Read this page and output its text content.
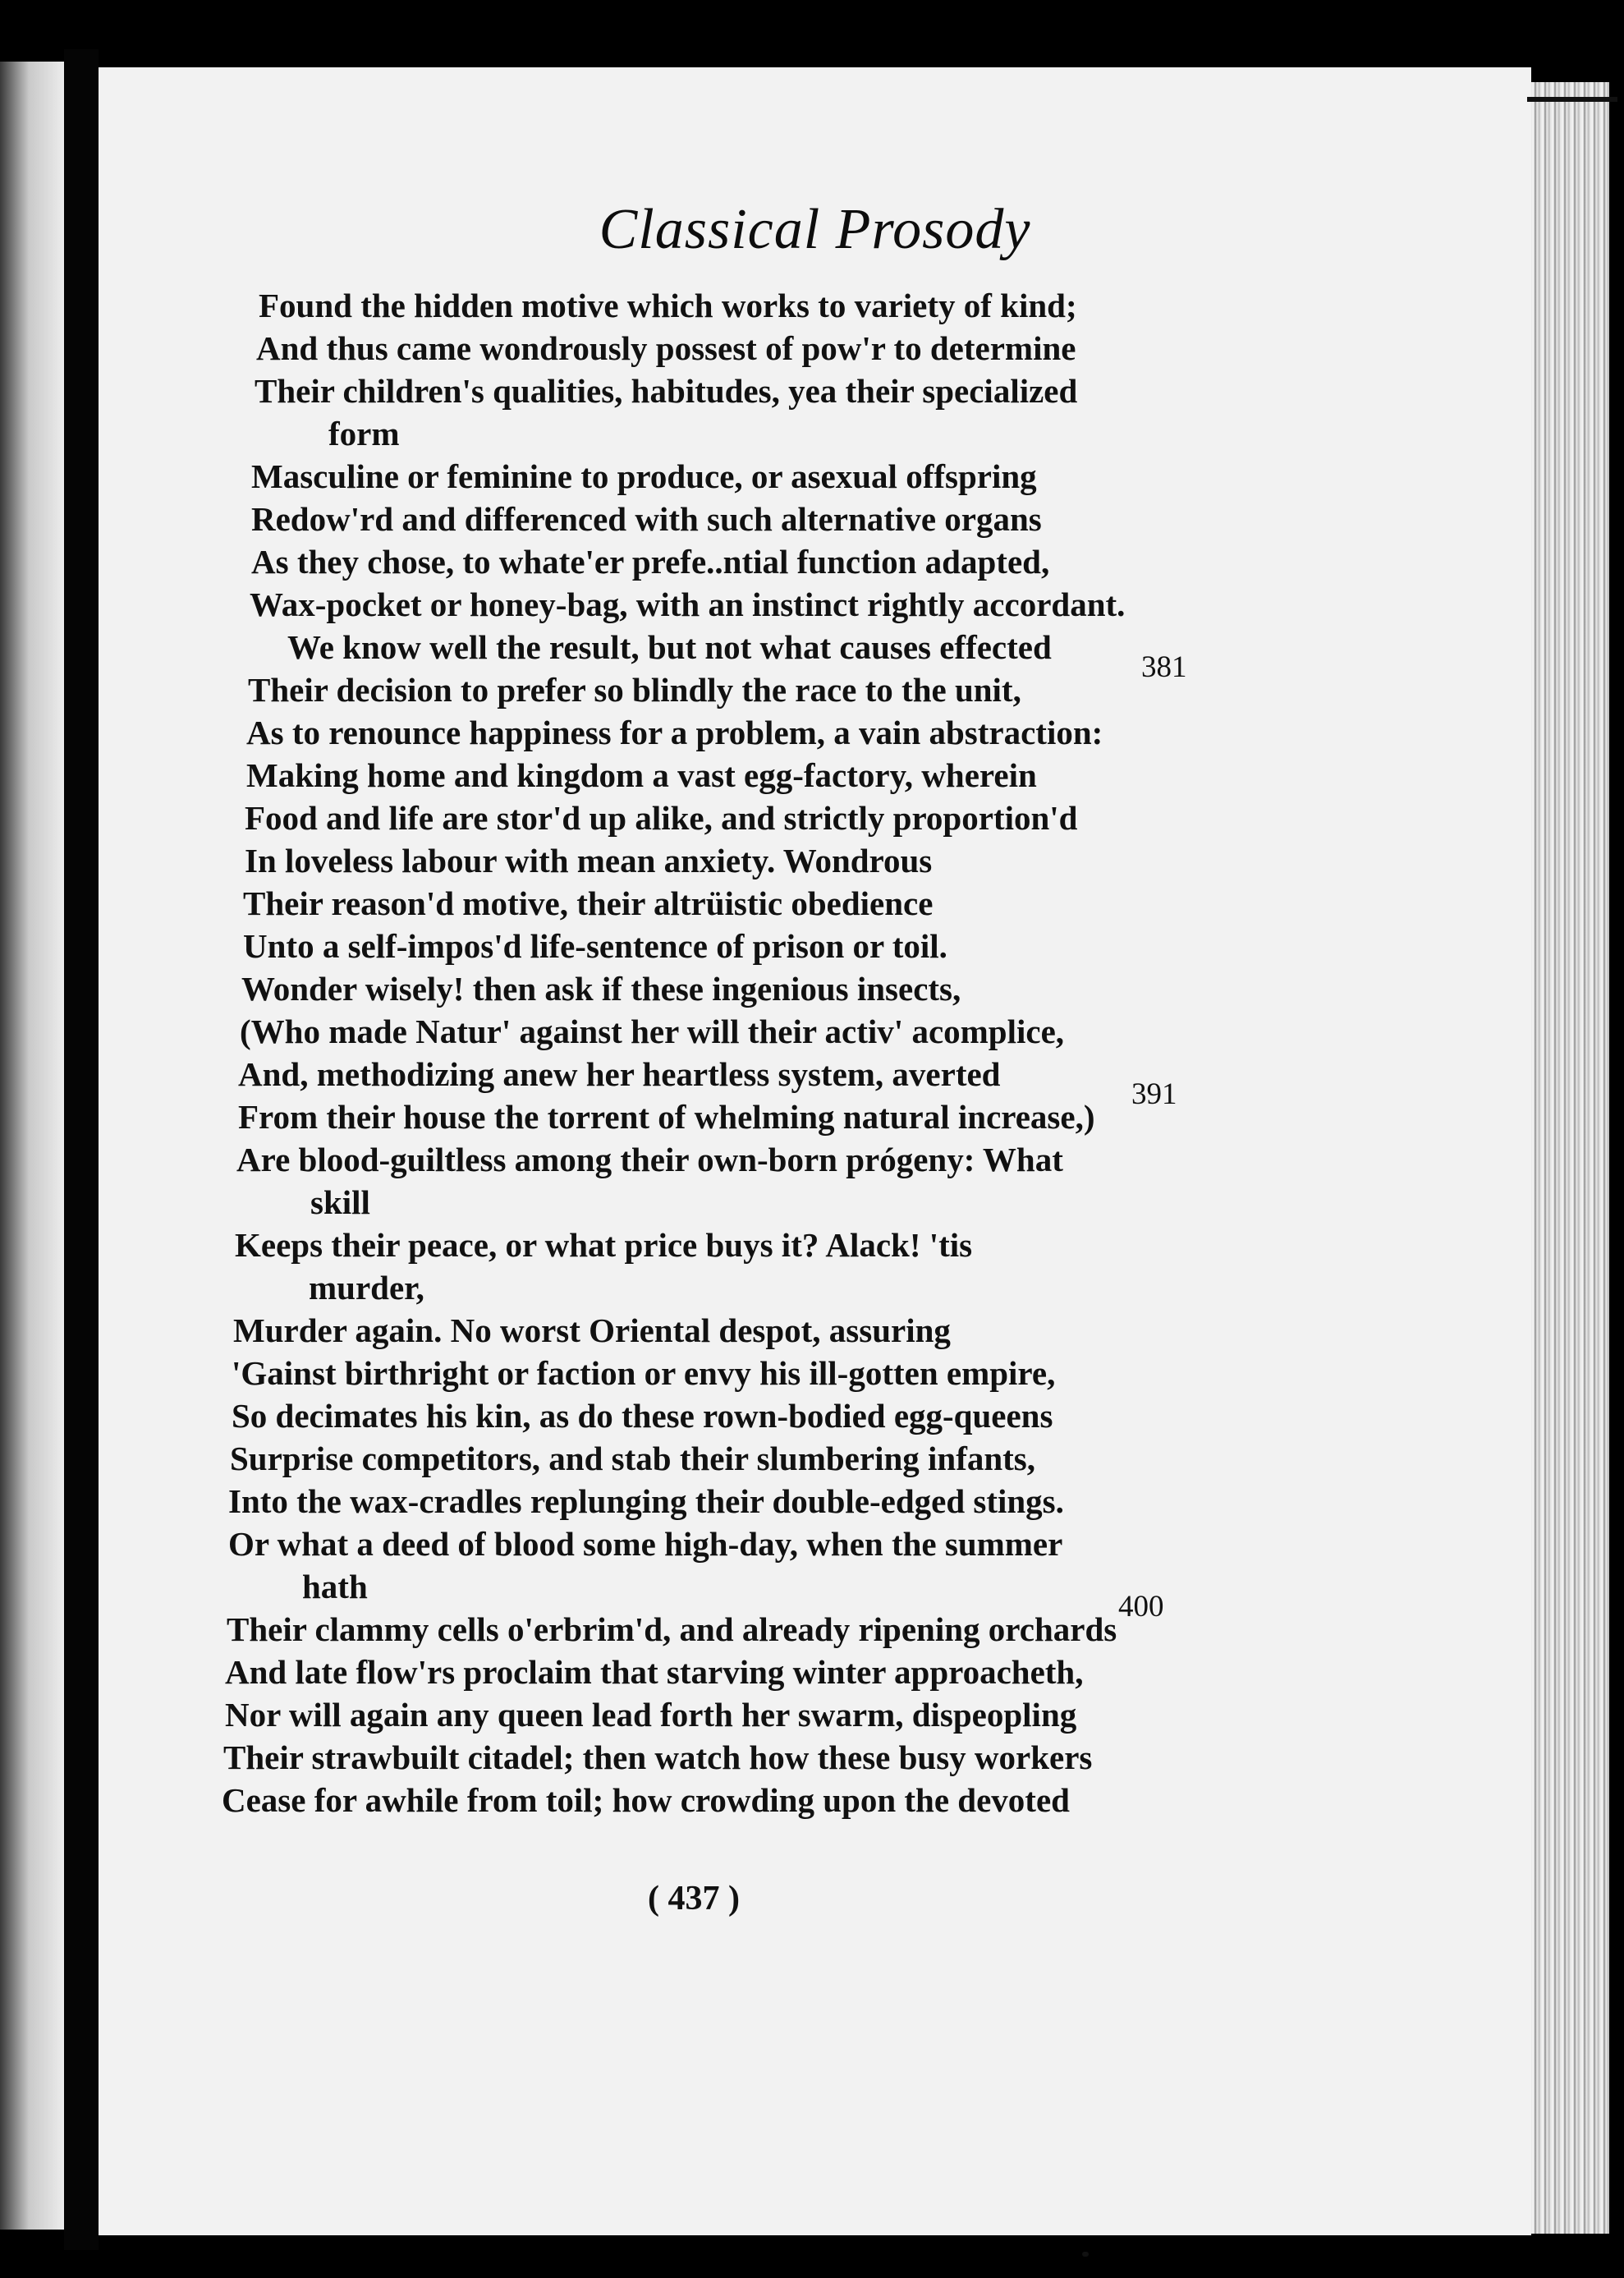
Classical Prosody
Found the hidden motive which works to variety of kind;
And thus came wondrously possest of pow'r to determine
Their children's qualities, habitudes, yea their specialized
form
Masculine or feminine to produce, or asexual offspring
Redow'rd and differenced with such alternative organs
As they chose, to whate'er prefe..ntial function adapted,
Wax-pocket or honey-bag, with an instinct rightly accordant.
We know well the result, but not what causes effected
Their decision to prefer so blindly the race to the unit,
As to renounce happiness for a problem, a vain abstraction:
Making home and kingdom a vast egg-factory, wherein
Food and life are stor'd up alike, and strictly proportion'd
In loveless labour with mean anxiety. Wondrous
Their reason'd motive, their altrüistic obedience
Unto a self-impos'd life-sentence of prison or toil.
Wonder wisely! then ask if these ingenious insects,
(Who made Natur' against her will their activ' acomplice,
And, methodizing anew her heartless system, averted
From their house the torrent of whelming natural increase,)
Are blood-guiltless among their own-born prógeny: What
skill
Keeps their peace, or what price buys it? Alack! 'tis
murder,
Murder again. No worst Oriental despot, assuring
'Gainst birthright or faction or envy his ill-gotten empire,
So decimates his kin, as do these rown-bodied egg-queens
Surprise competitors, and stab their slumbering infants,
Into the wax-cradles replunging their double-edged stings.
Or what a deed of blood some high-day, when the summer
hath
Their clammy cells o'erbrim'd, and already ripening orchards
And late flow'rs proclaim that starving winter approacheth,
Nor will again any queen lead forth her swarm, dispeopling
Their strawbuilt citadel; then watch how these busy workers
Cease for awhile from toil; how crowding upon the devoted
381
391
400
( 437 )
